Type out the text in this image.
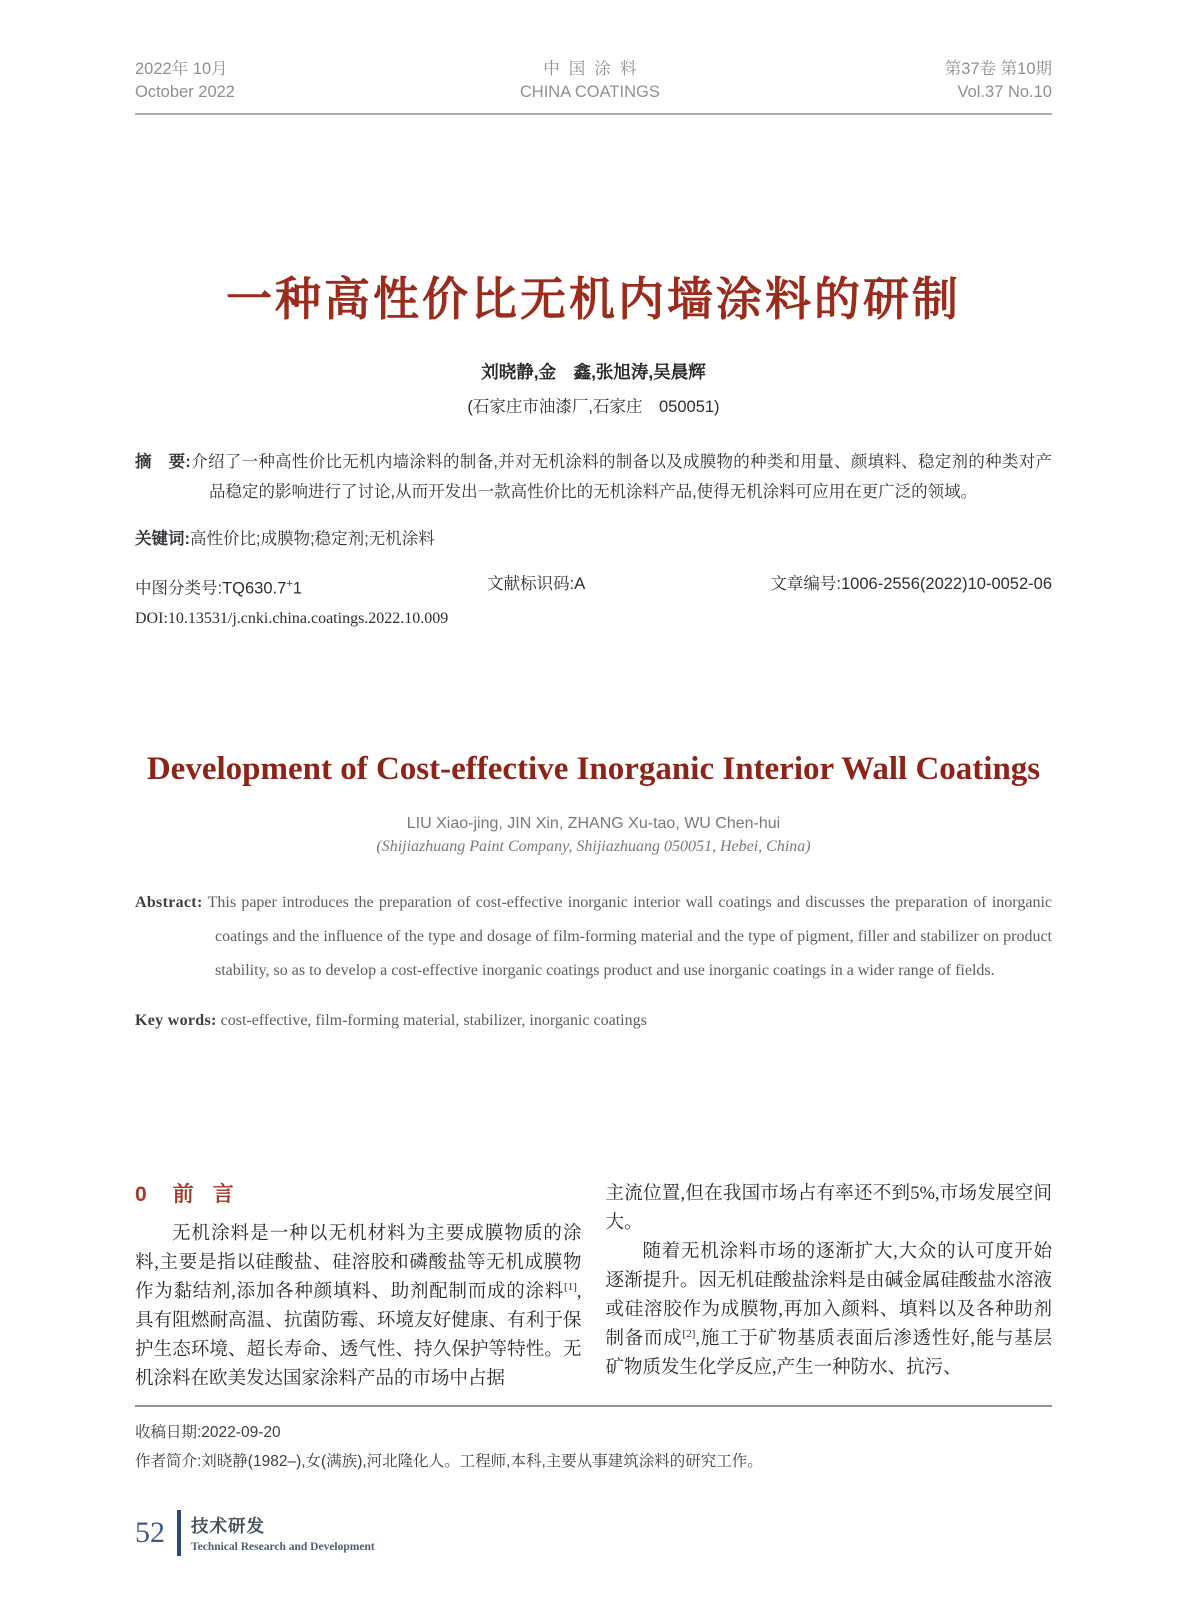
2022年 10月
October 2022
中国涂料
CHINA COATINGS
第37卷 第10期
Vol.37 No.10
一种高性价比无机内墙涂料的研制
刘晓静,金　鑫,张旭涛,吴晨辉
(石家庄市油漆厂,石家庄　050051)

摘　要:介绍了一种高性价比无机内墙涂料的制备,并对无机涂料的制备以及成膜物的种类和用量、颜填料、稳定剂的种类对产品稳定的影响进行了讨论,从而开发出一款高性价比的无机涂料产品,使得无机涂料可应用在更广泛的领域。

关键词:高性价比;成膜物;稳定剂;无机涂料

中图分类号:TQ630.7+1	文献标识码:A	文章编号:1006-2556(2022)10-0052-06
DOI:10.13531/j.cnki.china.coatings.2022.10.009
Development of Cost-effective Inorganic Interior Wall Coatings
LIU Xiao-jing, JIN Xin, ZHANG Xu-tao, WU Chen-hui
(Shijiazhuang Paint Company, Shijiazhuang 050051, Hebei, China)

Abstract: This paper introduces the preparation of cost-effective inorganic interior wall coatings and discusses the preparation of inorganic coatings and the influence of the type and dosage of film-forming material and the type of pigment, filler and stabilizer on product stability, so as to develop a cost-effective inorganic coatings product and use inorganic coatings in a wider range of fields.

Key words: cost-effective, film-forming material, stabilizer, inorganic coatings

0 前言

无机涂料是一种以无机材料为主要成膜物质的涂料,主要是指以硅酸盐、硅溶胶和磷酸盐等无机成膜物作为黏结剂,添加各种颜填料、助剂配制而成的涂料[1],具有阻燃耐高温、抗菌防霉、环境友好健康、有利于保护生态环境、超长寿命、透气性、持久保护等特性。无机涂料在欧美发达国家涂料产品的市场中占据

主流位置,但在我国市场占有率还不到5%,市场发展空间大。

随着无机涂料市场的逐渐扩大,大众的认可度开始逐渐提升。因无机硅酸盐涂料是由碱金属硅酸盐水溶液或硅溶胶作为成膜物,再加入颜料、填料以及各种助剂制备而成[2],施工于矿物基质表面后渗透性好,能与基层矿物质发生化学反应,产生一种防水、抗污、

收稿日期:2022-09-20
作者简介:刘晓静(1982–),女(满族),河北隆化人。工程师,本科,主要从事建筑涂料的研究工作。
52 技术研发
Technical Research and Development
